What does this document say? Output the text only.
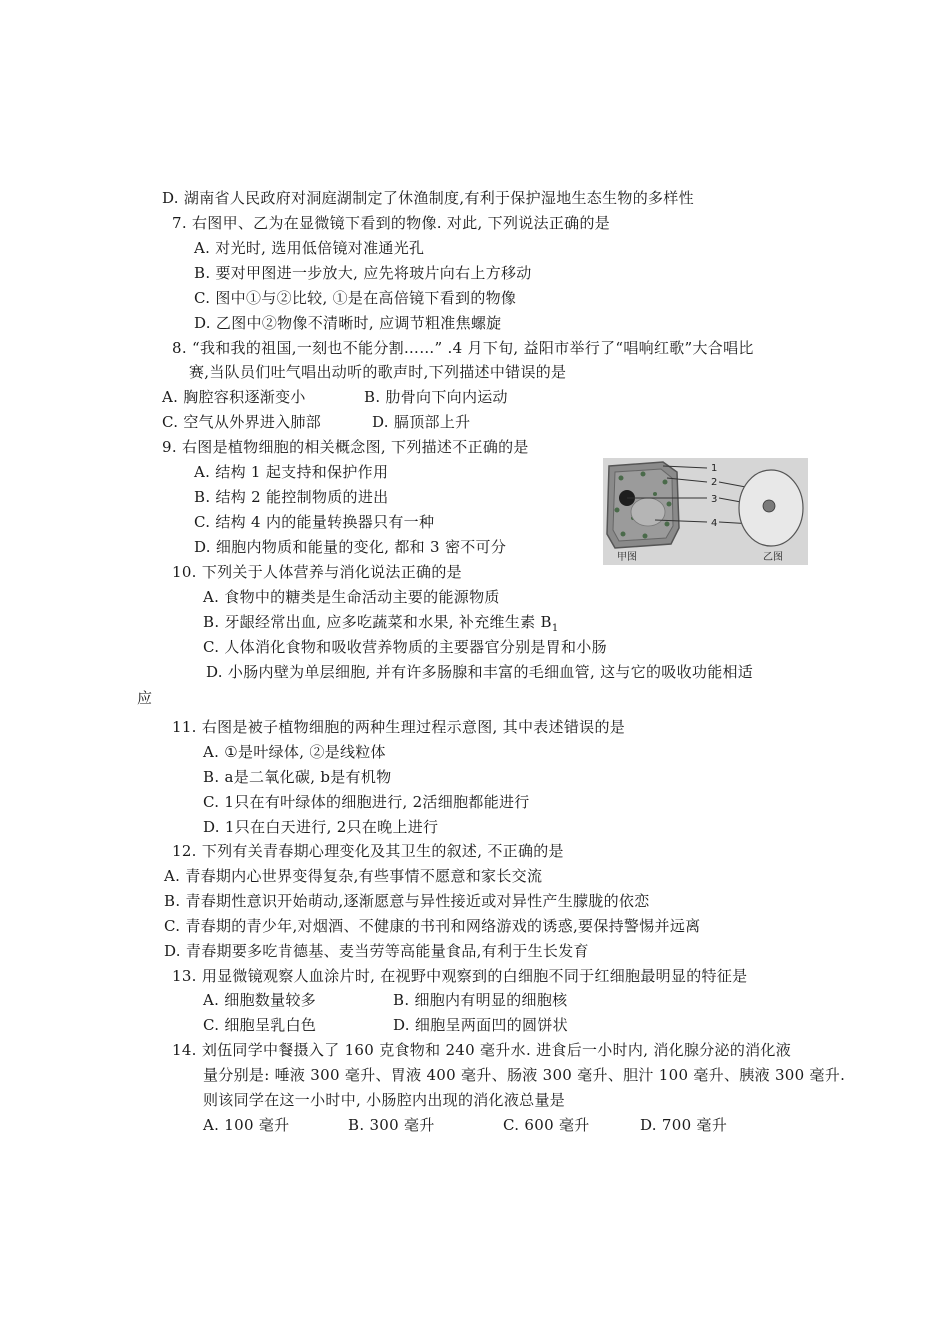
D. 湖南省人民政府对洞庭湖制定了休渔制度,有利于保护湿地生态生物的多样性
7. 右图甲、乙为在显微镜下看到的物像. 对此, 下列说法正确的是
A. 对光时, 选用低倍镜对准通光孔
B. 要对甲图进一步放大, 应先将玻片向右上方移动
C. 图中①与②比较, ①是在高倍镜下看到的物像
D. 乙图中②物像不清晰时, 应调节粗准焦螺旋
8. “我和我的祖国,一刻也不能分割……” .4 月下旬, 益阳市举行了“唱响红歌”大合唱比
赛,当队员们吐气唱出动听的歌声时,下列描述中错误的是
A. 胸腔容积逐渐变小	B. 肋骨向下向内运动
C. 空气从外界进入肺部	D. 膈顶部上升
9. 右图是植物细胞的相关概念图, 下列描述不正确的是
A. 结构 1 起支持和保护作用
B. 结构 2 能控制物质的进出
C. 结构 4 内的能量转换器只有一种
D. 细胞内物质和能量的变化, 都和 3 密不可分
1
2
3
4
甲图	乙图
10. 下列关于人体营养与消化说法正确的是
A. 食物中的糖类是生命活动主要的能源物质
B. 牙龈经常出血, 应多吃蔬菜和水果, 补充维生素 $B_1$
C. 人体消化食物和吸收营养物质的主要器官分别是胃和小肠
D. 小肠内壁为单层细胞, 并有许多肠腺和丰富的毛细血管, 这与它的吸收功能相适
应
11. 右图是被子植物细胞的两种生理过程示意图, 其中表述错误的是
A. ①是叶绿体, ②是线粒体
B. a是二氧化碳, b是有机物
C. 1只在有叶绿体的细胞进行, 2活细胞都能进行
D. 1只在白天进行, 2只在晚上进行
12. 下列有关青春期心理变化及其卫生的叙述, 不正确的是
A. 青春期内心世界变得复杂,有些事情不愿意和家长交流
B. 青春期性意识开始萌动,逐渐愿意与异性接近或对异性产生朦胧的依恋
C. 青春期的青少年,对烟酒、不健康的书刊和网络游戏的诱惑,要保持警惕并远离
D. 青春期要多吃肯德基、麦当劳等高能量食品,有利于生长发育
13. 用显微镜观察人血涂片时, 在视野中观察到的白细胞不同于红细胞最明显的特征是
A. 细胞数量较多	B. 细胞内有明显的细胞核
C. 细胞呈乳白色	D. 细胞呈两面凹的圆饼状
14. 刘伍同学中餐摄入了 160 克食物和 240 毫升水. 进食后一小时内, 消化腺分泌的消化液
量分别是: 唾液 300 毫升、胃液 400 毫升、肠液 300 毫升、胆汁 100 毫升、胰液 300 毫升.
则该同学在这一小时中, 小肠腔内出现的消化液总量是
A. 100 毫升	B. 300 毫升	C. 600 毫升	D. 700 毫升
